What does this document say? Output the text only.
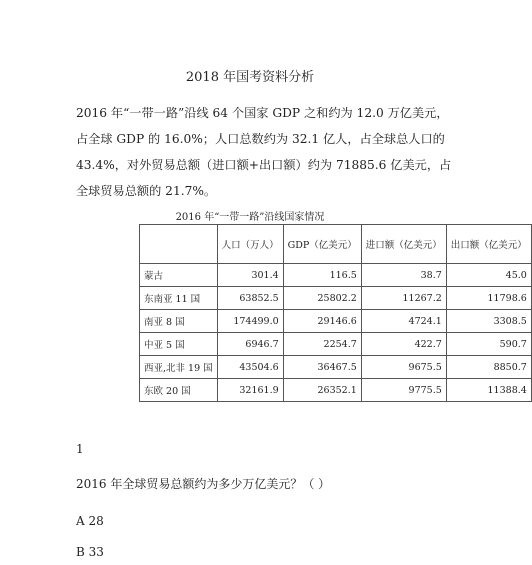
2018 年国考资料分析

2016 年“一带一路”沿线 64 个国家 GDP 之和约为 12.0 万亿美元，

占全球 GDP 的 16.0%；人口总数约为 32.1 亿人，占全球总人口的

43.4%，对外贸易总额（进口额+出口额）约为 71885.6 亿美元，占

全球贸易总额的 21.7%。

2016 年“一带一路”沿线国家情况
	人口（万人）	GDP（亿美元）	进口额（亿美元）	出口额（亿美元）
蒙古	301.4	116.5	38.7	45.0
东南亚 11 国	63852.5	25802.2	11267.2	11798.6
南亚 8 国	174499.0	29146.6	4724.1	3308.5
中亚 5 国	6946.7	2254.7	422.7	590.7
西亚,北非 19 国	43504.6	36467.5	9675.5	8850.7
东欧 20 国	32161.9	26352.1	9775.5	11388.4
1
2016 年全球贸易总额约为多少万亿美元？（ ）
A 28
B 33
